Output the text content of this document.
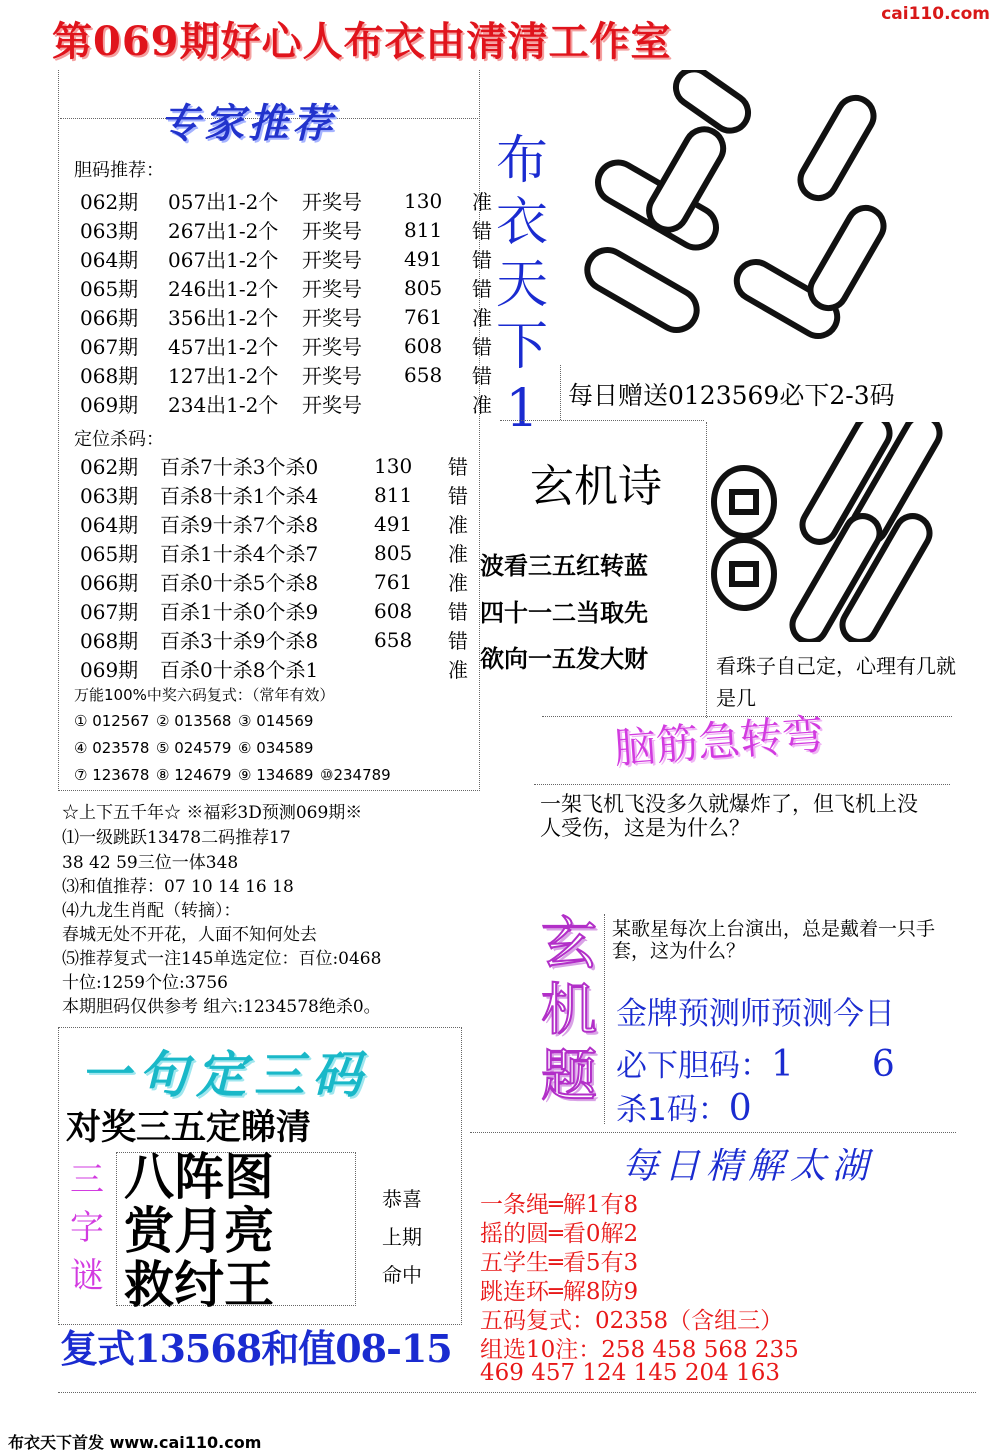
第069期好心人布衣由清清工作室
cai110.com
专家推荐
胆码推荐：
062期	057出1-2个	开奖号	130	准
063期	267出1-2个	开奖号	811	错
064期	067出1-2个	开奖号	491	错
065期	246出1-2个	开奖号	805	错
066期	356出1-2个	开奖号	761	准
067期	457出1-2个	开奖号	608	错
068期	127出1-2个	开奖号	658	错
069期	234出1-2个	开奖号		准
定位杀码：
062期	百杀7十杀3个杀0	130	错
063期	百杀8十杀1个杀4	811	错
064期	百杀9十杀7个杀8	491	准
065期	百杀1十杀4个杀7	805	准
066期	百杀0十杀5个杀8	761	准
067期	百杀1十杀0个杀9	608	错
068期	百杀3十杀9个杀8	658	错
069期	百杀0十杀8个杀1		准
万能100%中奖六码复式：（常年有效）
① 012567 ② 013568 ③ 014569
④ 023578 ⑤ 024579 ⑥ 034589
⑦ 123678 ⑧ 124679 ⑨ 134689 ⑩234789
☆上下五千年☆ ※福彩3D预测069期※
⑴一级跳跃13478二码推荐17
38 42 59三位一体348
⑶和值推荐：07 10 14 16 18
⑷九龙生肖配（转摘）：
春城无处不开花，人面不知何处去
⑸推荐复式一注145单选定位：百位:0468
十位:1259个位:3756
本期胆码仅供参考 组六:1234578绝杀0。
一句定三码
对奖三五定睇清
三
字
谜
八阵图
赏月亮
救纣王
恭喜
上期
命中
复式13568和值08-15
布
衣
天
下
1	每日赠送0123569必下2-3码
玄机诗
波看三五红转蓝
四十一二当取先
欲向一五发大财	看珠子自己定，心理有几就是几
脑筋急转弯
一架飞机飞没多久就爆炸了，但飞机上没人受伤，这是为什么？
玄
机
题
某歌星每次上台演出，总是戴着一只手套，这为什么？
金牌预测师预测今日
必下胆码：1　　6
杀1码：0
每日精解太湖
一条绳═解1有8
摇的圆═看0解2
五学生═看5有3
跳连环═解8防9
五码复式：02358（含组三）
组选10注：258 458 568 235
469 457 124 145 204 163
布衣天下首发 www.cai110.com
